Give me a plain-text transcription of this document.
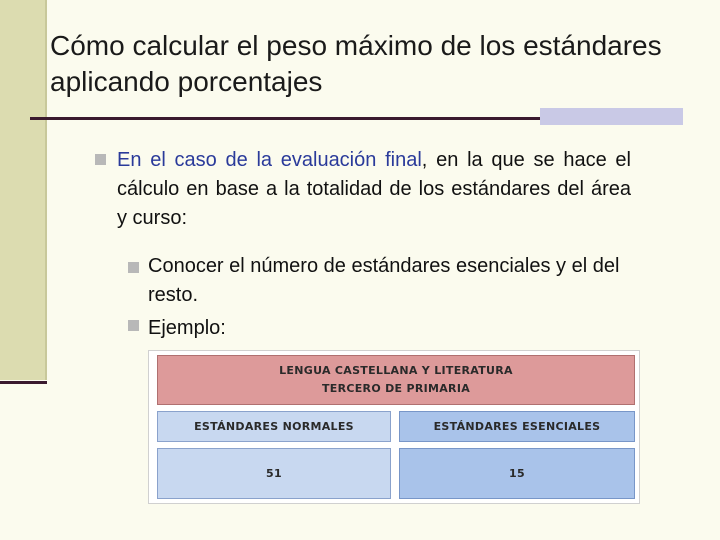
Cómo calcular el peso máximo de los estándares aplicando porcentajes

En el caso de la evaluación final, en la que se hace el cálculo en base a la totalidad de los estándares del área y curso:

Conocer el número de estándares esenciales y el del resto.

Ejemplo:

LENGUA CASTELLANA Y LITERATURA
TERCERO DE PRIMARIA
ESTÁNDARES NORMALES	ESTÁNDARES ESENCIALES
51	15
